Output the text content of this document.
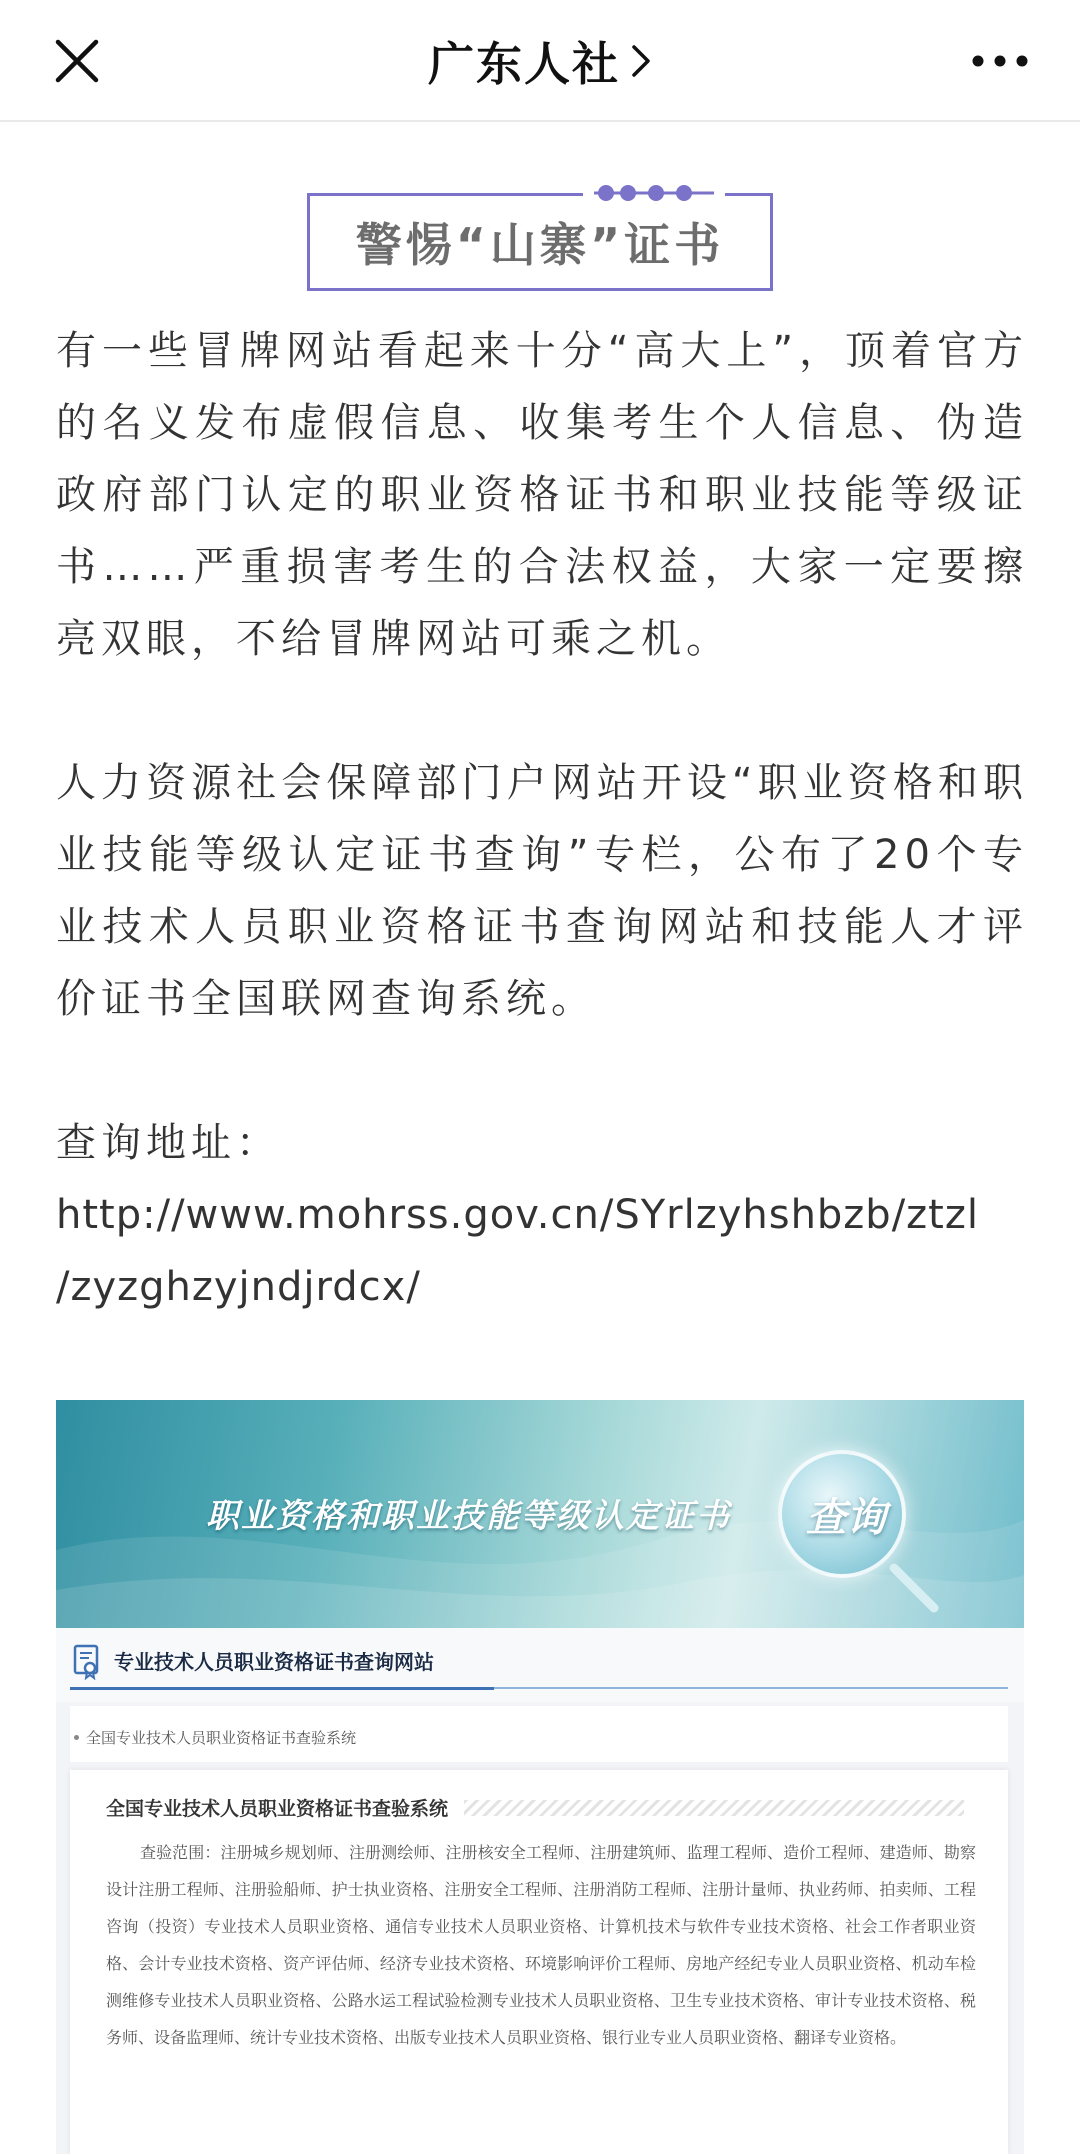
广东人社
警惕“山寨”证书

有一些冒牌网站看起来十分“高大上”，顶着官方的名义发布虚假信息、收集考生个人信息、伪造政府部门认定的职业资格证书和职业技能等级证书……严重损害考生的合法权益，大家一定要擦亮双眼，不给冒牌网站可乘之机。

人力资源社会保障部门户网站开设“职业资格和职业技能等级认定证书查询”专栏，公布了20个专业技术人员职业资格证书查询网站和技能人才评价证书全国联网查询系统。

查询地址：
http://www.mohrss.gov.cn/SYrlzyhshbzb/ztzl
/zyzghzyjndjrdcx/
职业资格和职业技能等级认定证书	查询
专业技术人员职业资格证书查询网站
全国专业技术人员职业资格证书查验系统
全国专业技术人员职业资格证书查验系统
查验范围：注册城乡规划师、注册测绘师、注册核安全工程师、注册建筑师、监理工程师、造价工程师、建造师、勘察设计注册工程师、注册验船师、护士执业资格、注册安全工程师、注册消防工程师、注册计量师、执业药师、拍卖师、工程咨询（投资）专业技术人员职业资格、通信专业技术人员职业资格、计算机技术与软件专业技术资格、社会工作者职业资格、会计专业技术资格、资产评估师、经济专业技术资格、环境影响评价工程师、房地产经纪专业人员职业资格、机动车检测维修专业技术人员职业资格、公路水运工程试验检测专业技术人员职业资格、卫生专业技术资格、审计专业技术资格、税务师、设备监理师、统计专业技术资格、出版专业技术人员职业资格、银行业专业人员职业资格、翻译专业资格。
